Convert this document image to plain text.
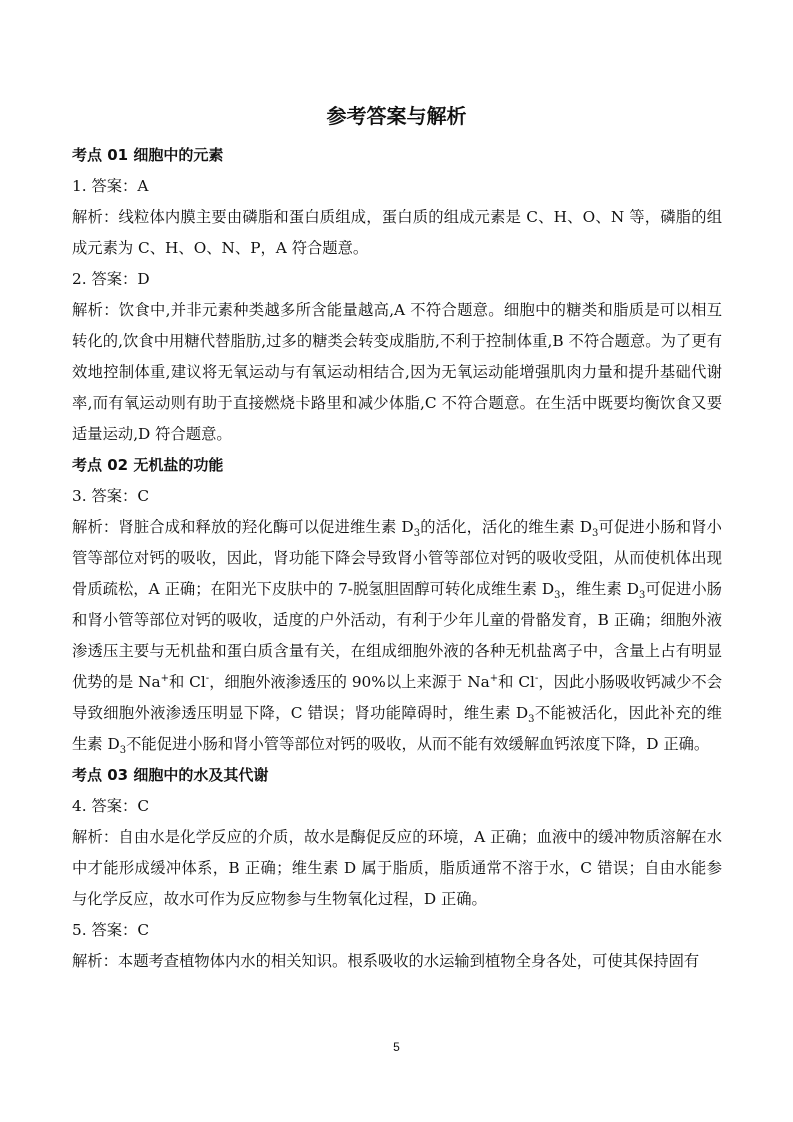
参考答案与解析
考点 01 细胞中的元素
1. 答案：A
解析：线粒体内膜主要由磷脂和蛋白质组成，蛋白质的组成元素是 C、H、O、N 等，磷脂的组成元素为 C、H、O、N、P，A 符合题意。
2. 答案：D
解析：饮食中,并非元素种类越多所含能量越高,A 不符合题意。细胞中的糖类和脂质是可以相互转化的,饮食中用糖代替脂肪,过多的糖类会转变成脂肪,不利于控制体重,B 不符合题意。为了更有效地控制体重,建议将无氧运动与有氧运动相结合,因为无氧运动能增强肌肉力量和提升基础代谢率,而有氧运动则有助于直接燃烧卡路里和减少体脂,C 不符合题意。在生活中既要均衡饮食又要适量运动,D 符合题意。
考点 02 无机盐的功能
3. 答案：C
解析：肾脏合成和释放的羟化酶可以促进维生素 $D_3$的活化，活化的维生素 $D_3$可促进小肠和肾小管等部位对钙的吸收，因此，肾功能下降会导致肾小管等部位对钙的吸收受阻，从而使机体出现骨质疏松，A 正确；在阳光下皮肤中的 7-脱氢胆固醇可转化成维生素 $D_3$，维生素 $D_3$可促进小肠和肾小管等部位对钙的吸收，适度的户外活动，有利于少年儿童的骨骼发育，B 正确；细胞外液渗透压主要与无机盐和蛋白质含量有关，在组成细胞外液的各种无机盐离子中，含量上占有明显优势的是 Na+和 Cl-，细胞外液渗透压的 90%以上来源于 Na+和 Cl-，因此小肠吸收钙减少不会导致细胞外液渗透压明显下降，C 错误；肾功能障碍时，维生素 $D_3$不能被活化，因此补充的维生素 $D_3$不能促进小肠和肾小管等部位对钙的吸收，从而不能有效缓解血钙浓度下降，D 正确。
考点 03 细胞中的水及其代谢
4. 答案：C
解析：自由水是化学反应的介质，故水是酶促反应的环境，A 正确；血液中的缓冲物质溶解在水中才能形成缓冲体系，B 正确；维生素 D 属于脂质，脂质通常不溶于水，C 错误；自由水能参与化学反应，故水可作为反应物参与生物氧化过程，D 正确。
5. 答案：C
解析：本题考查植物体内水的相关知识。根系吸收的水运输到植物全身各处，可使其保持固有
5
